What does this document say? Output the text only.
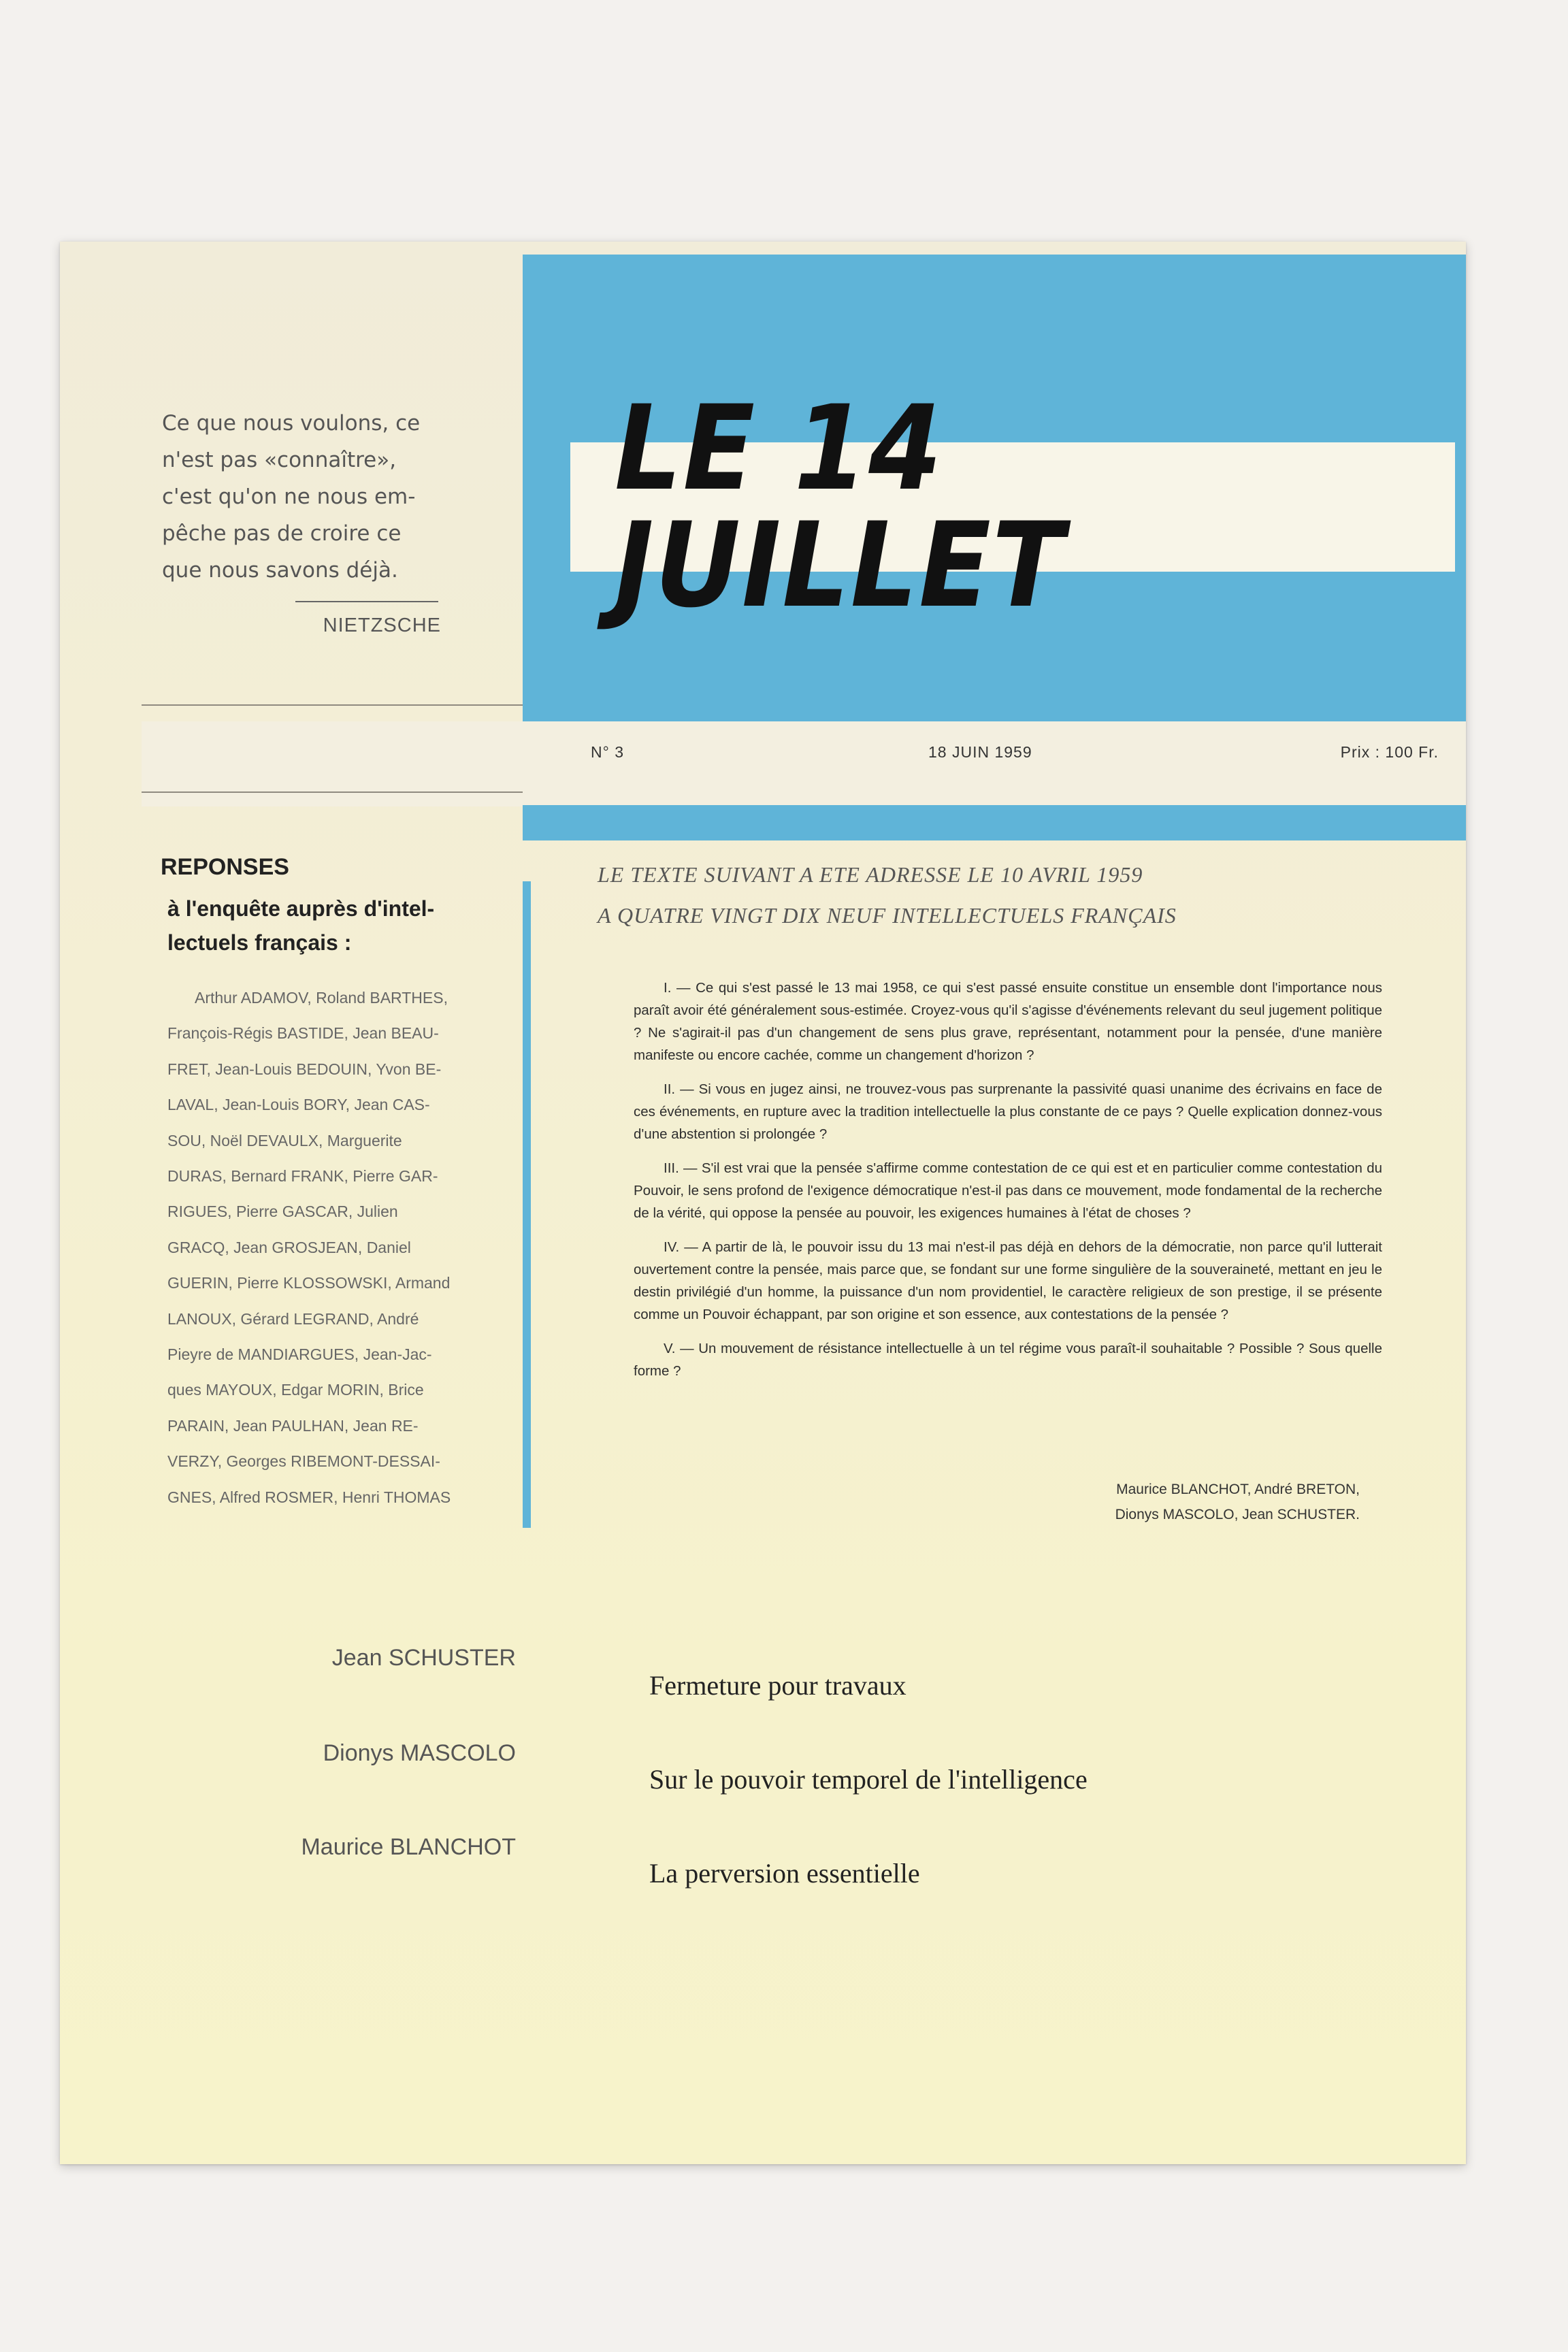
LE 14 JUILLET
Ce que nous voulons, ce
n'est pas «connaître»,
c'est qu'on ne nous em-
pêche pas de croire ce
que nous savons déjà.
NIETZSCHE
N° 3	18 JUIN 1959	Prix : 100 Fr.
REPONSES
à l'enquête auprès d'intel-
lectuels français :
Arthur ADAMOV, Roland BARTHES,
François-Régis BASTIDE, Jean BEAU-
FRET, Jean-Louis BEDOUIN, Yvon BE-
LAVAL, Jean-Louis BORY, Jean CAS-
SOU, Noël DEVAULX, Marguerite
DURAS, Bernard FRANK, Pierre GAR-
RIGUES, Pierre GASCAR, Julien
GRACQ, Jean GROSJEAN, Daniel
GUERIN, Pierre KLOSSOWSKI, Armand
LANOUX, Gérard LEGRAND, André
Pieyre de MANDIARGUES, Jean-Jac-
ques MAYOUX, Edgar MORIN, Brice
PARAIN, Jean PAULHAN, Jean RE-
VERZY, Georges RIBEMONT-DESSAI-
GNES, Alfred ROSMER, Henri THOMAS
LE TEXTE SUIVANT A ETE ADRESSE LE 10 AVRIL 1959
A QUATRE VINGT DIX NEUF INTELLECTUELS FRANÇAIS

I. — Ce qui s'est passé le 13 mai 1958, ce qui s'est passé ensuite constitue un ensemble dont l'importance nous paraît avoir été généralement sous-estimée. Croyez-vous qu'il s'agisse d'événements relevant du seul jugement politique ? Ne s'agirait-il pas d'un changement de sens plus grave, représentant, notamment pour la pensée, d'une manière manifeste ou encore cachée, comme un changement d'horizon ?

II. — Si vous en jugez ainsi, ne trouvez-vous pas surprenante la passivité quasi unanime des écrivains en face de ces événements, en rupture avec la tradition intellectuelle la plus constante de ce pays ? Quelle explication donnez-vous d'une abstention si prolongée ?

III. — S'il est vrai que la pensée s'affirme comme contestation de ce qui est et en particulier comme contestation du Pouvoir, le sens profond de l'exigence démocratique n'est-il pas dans ce mouvement, mode fondamental de la recherche de la vérité, qui oppose la pensée au pouvoir, les exigences humaines à l'état de choses ?

IV. — A partir de là, le pouvoir issu du 13 mai n'est-il pas déjà en dehors de la démocratie, non parce qu'il lutterait ouvertement contre la pensée, mais parce que, se fondant sur une forme singulière de la souveraineté, mettant en jeu le destin privilégié d'un homme, la puissance d'un nom providentiel, le caractère religieux de son prestige, il se présente comme un Pouvoir échappant, par son origine et son essence, aux contestations de la pensée ?

V. — Un mouvement de résistance intellectuelle à un tel régime vous paraît-il souhaitable ? Possible ? Sous quelle forme ?

Maurice BLANCHOT, André BRETON,
Dionys MASCOLO, Jean SCHUSTER.
Jean SCHUSTER
Fermeture pour travaux
Dionys MASCOLO
Sur le pouvoir temporel de l'intelligence
Maurice BLANCHOT
La perversion essentielle
